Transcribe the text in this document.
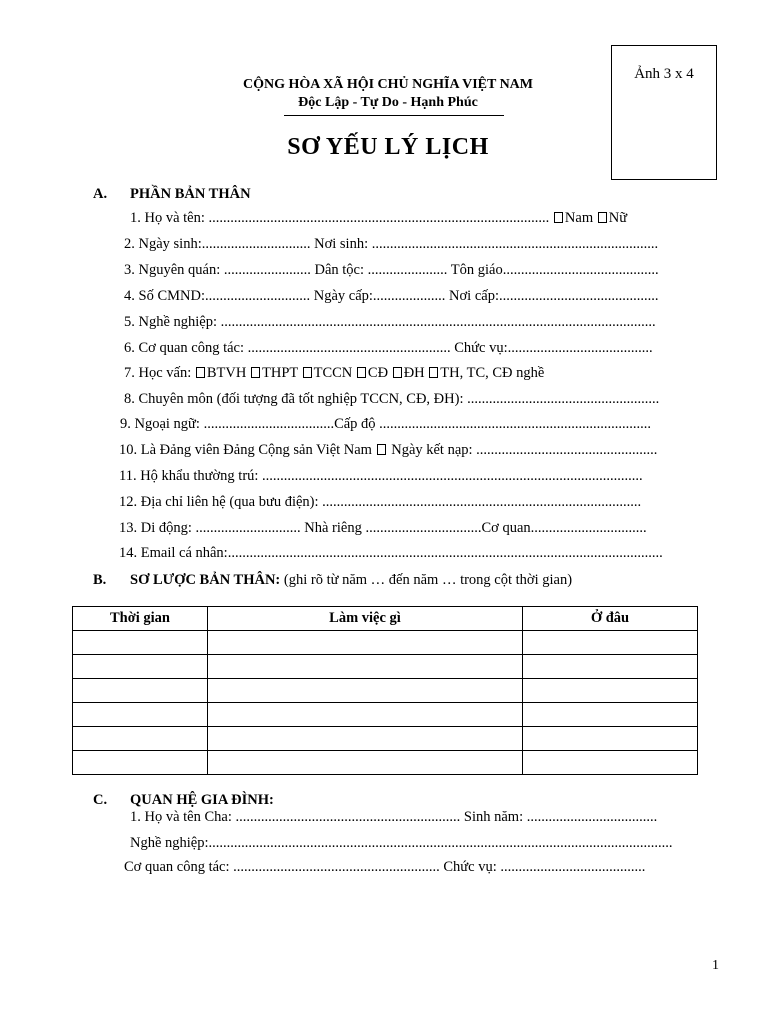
Ảnh 3 x 4
CỘNG HÒA XÃ HỘI CHỦ NGHĨA VIỆT NAM
Độc Lập - Tự Do - Hạnh Phúc
SƠ YẾU LÝ LỊCH
A. PHẦN BẢN THÂN
1. Họ và tên: .............................................................................................. Nam Nữ
2. Ngày sinh:.............................. Nơi sinh: ...............................................................................
3. Nguyên quán: ........................ Dân tộc: ...................... Tôn giáo...........................................
4. Số CMND:............................. Ngày cấp:.................... Nơi cấp:............................................
5. Nghề nghiệp: ........................................................................................................................
6. Cơ quan công tác: ........................................................ Chức vụ:........................................
7. Học vấn: BTVH THPT TCCN CĐ ĐH TH, TC, CĐ nghề
8. Chuyên môn (đối tượng đã tốt nghiệp TCCN, CĐ, ĐH): .....................................................
9. Ngoại ngữ: ....................................Cấp độ ...........................................................................
10. Là Đảng viên Đảng Cộng sản Việt Nam  Ngày kết nạp: ..................................................
11. Hộ khẩu thường trú: .........................................................................................................
12. Địa chỉ liên hệ (qua bưu điện): ........................................................................................
13. Di động: ............................. Nhà riêng ................................Cơ quan................................
14. Email cá nhân:........................................................................................................................
B. SƠ LƯỢC BẢN THÂN: (ghi rõ từ năm … đến năm … trong cột thời gian)
Thời gian	Làm việc gì	Ở đâu

C. QUAN HỆ GIA ĐÌNH:
1. Họ và tên Cha: .............................................................. Sinh năm: ....................................
Nghề nghiệp:................................................................................................................................
Cơ quan công tác: ......................................................... Chức vụ: ........................................
1
